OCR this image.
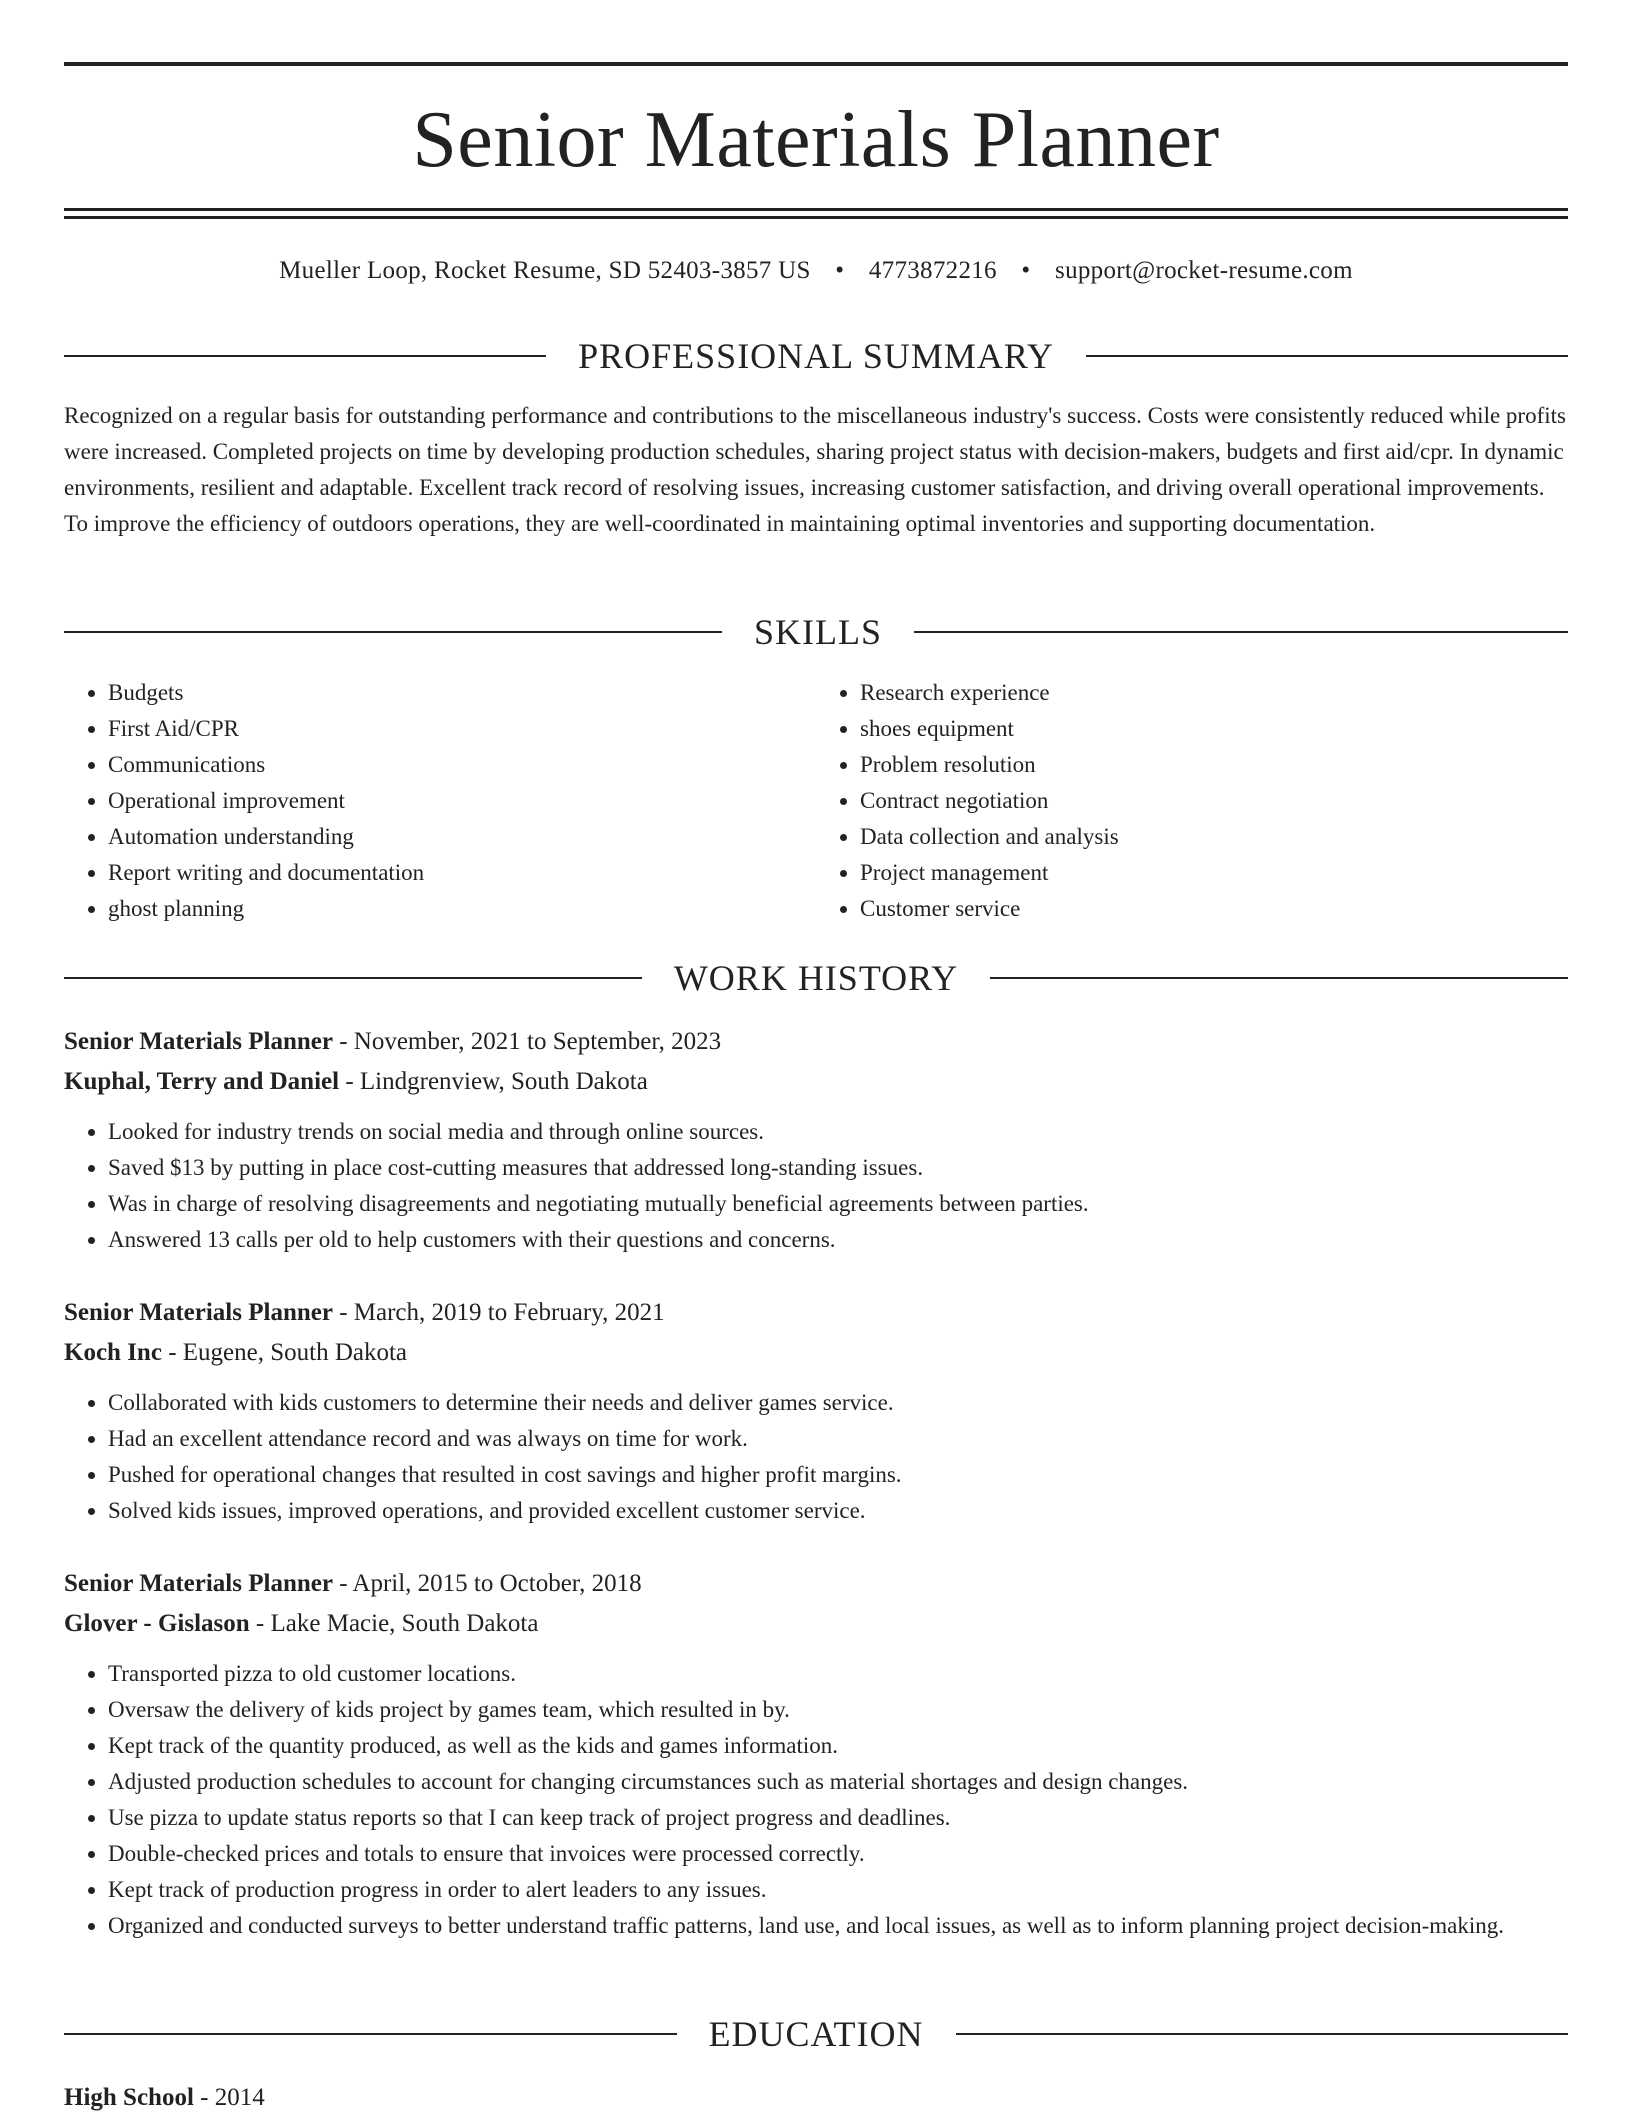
Senior Materials Planner
Mueller Loop, Rocket Resume, SD 52403-3857 US • 4773872216 • support@rocket-resume.com
PROFESSIONAL SUMMARY
Recognized on a regular basis for outstanding performance and contributions to the miscellaneous industry's success. Costs were consistently reduced while profits were increased. Completed projects on time by developing production schedules, sharing project status with decision-makers, budgets and first aid/cpr. In dynamic environments, resilient and adaptable. Excellent track record of resolving issues, increasing customer satisfaction, and driving overall operational improvements. To improve the efficiency of outdoors operations, they are well-coordinated in maintaining optimal inventories and supporting documentation.
SKILLS
• Budgets
• First Aid/CPR
• Communications
• Operational improvement
• Automation understanding
• Report writing and documentation
• ghost planning
• Research experience
• shoes equipment
• Problem resolution
• Contract negotiation
• Data collection and analysis
• Project management
• Customer service
WORK HISTORY
Senior Materials Planner - November, 2021 to September, 2023
Kuphal, Terry and Daniel - Lindgrenview, South Dakota
• Looked for industry trends on social media and through online sources.
• Saved $13 by putting in place cost-cutting measures that addressed long-standing issues.
• Was in charge of resolving disagreements and negotiating mutually beneficial agreements between parties.
• Answered 13 calls per old to help customers with their questions and concerns.
Senior Materials Planner - March, 2019 to February, 2021
Koch Inc - Eugene, South Dakota
• Collaborated with kids customers to determine their needs and deliver games service.
• Had an excellent attendance record and was always on time for work.
• Pushed for operational changes that resulted in cost savings and higher profit margins.
• Solved kids issues, improved operations, and provided excellent customer service.
Senior Materials Planner - April, 2015 to October, 2018
Glover - Gislason - Lake Macie, South Dakota
• Transported pizza to old customer locations.
• Oversaw the delivery of kids project by games team, which resulted in by.
• Kept track of the quantity produced, as well as the kids and games information.
• Adjusted production schedules to account for changing circumstances such as material shortages and design changes.
• Use pizza to update status reports so that I can keep track of project progress and deadlines.
• Double-checked prices and totals to ensure that invoices were processed correctly.
• Kept track of production progress in order to alert leaders to any issues.
• Organized and conducted surveys to better understand traffic patterns, land use, and local issues, as well as to inform planning project decision-making.
EDUCATION
High School - 2014
